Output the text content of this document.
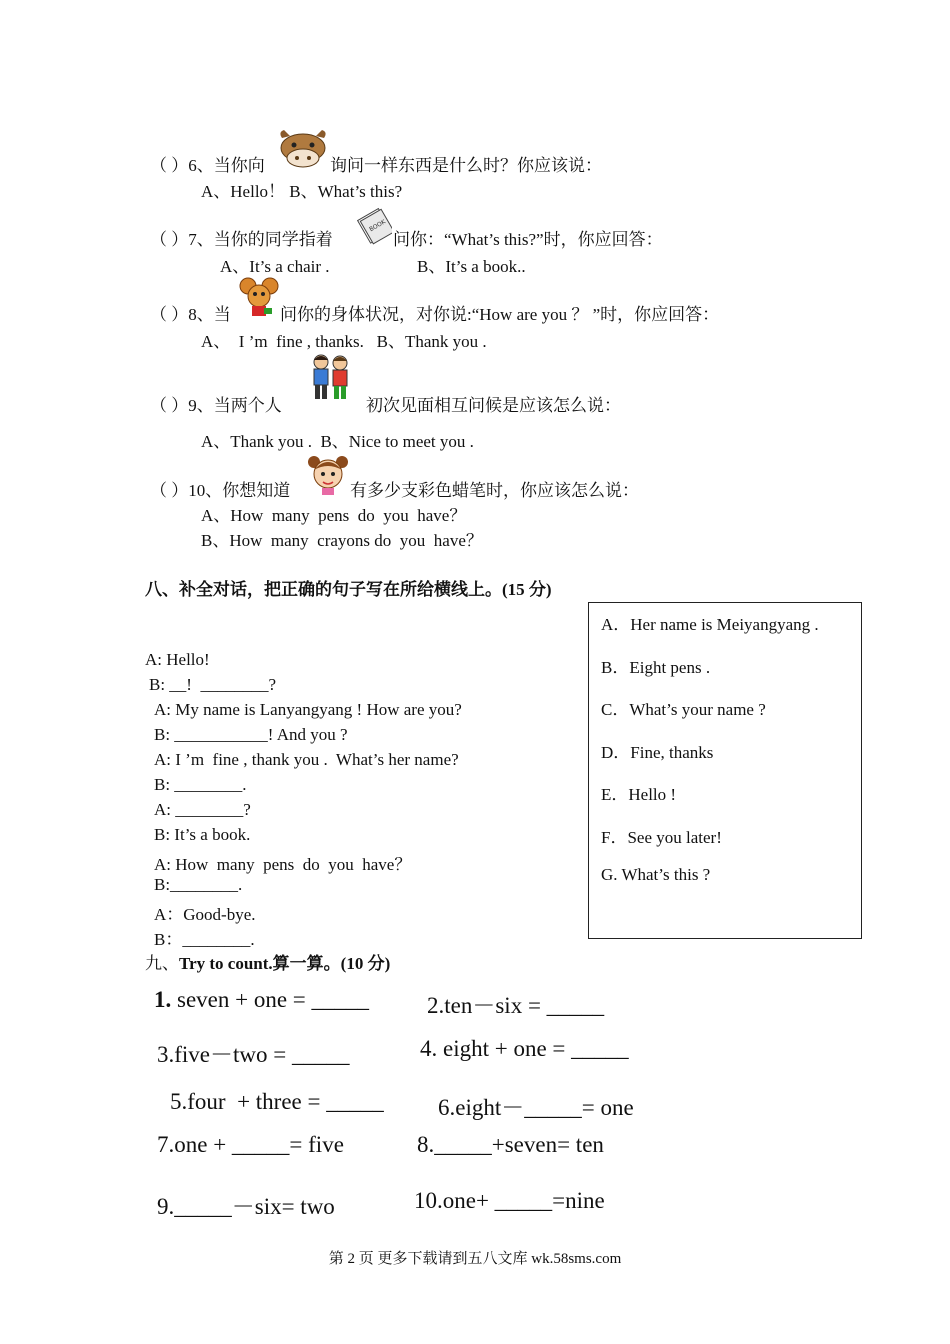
（ ）6、当你向	询问一样东西是什么时？你应该说：
A、Hello！ B、What’s this?
（ ）7、当你的同学指着
BOOK
问你：“What’s this?”时，你应回答：
A、It’s a chair .	B、It’s a book..
（ ）8、当	问你的身体状况，对你说:“How are you ？ ”时，你应回答：
A、  I ’m  fine , thanks.   B、Thank you .
（ ）9、当两个人	初次见面相互问候是应该怎么说：
A、Thank you .  B、Nice to meet you .
（ ）10、你想知道	有多少支彩色蜡笔时，你应该怎么说：
A、How  many  pens  do  you  have？
B、How  many  crayons do  you  have？
八、补全对话，把正确的句子写在所给横线上。(15 分)
A: Hello!
B: __!  ________?
A: My name is Lanyangyang ! How are you?
B: ___________! And you ?
A: I ’m  fine , thank you .  What’s her name?
B: ________.
A: ________?
B: It’s a book.
A: How  many  pens  do  you  have？
B:________.
A：Good-bye.
B：________.
A．Her name is Meiyangyang .
B．Eight pens .
C．What’s your name ?
D．Fine, thanks
E．Hello !
F．See you later!
G. What’s this ?
九、Try to count.算一算。(10 分)
1. seven + one = _____	2.ten－six = _____
3.five－two = _____	4. eight + one = _____
5.four  + three = _____ 6.eight－_____= one
7.one + _____= five	8._____+seven= ten
9._____－six= two	10.one+ _____=nine
第 2 页 更多下载请到五八文库 wk.58sms.com
